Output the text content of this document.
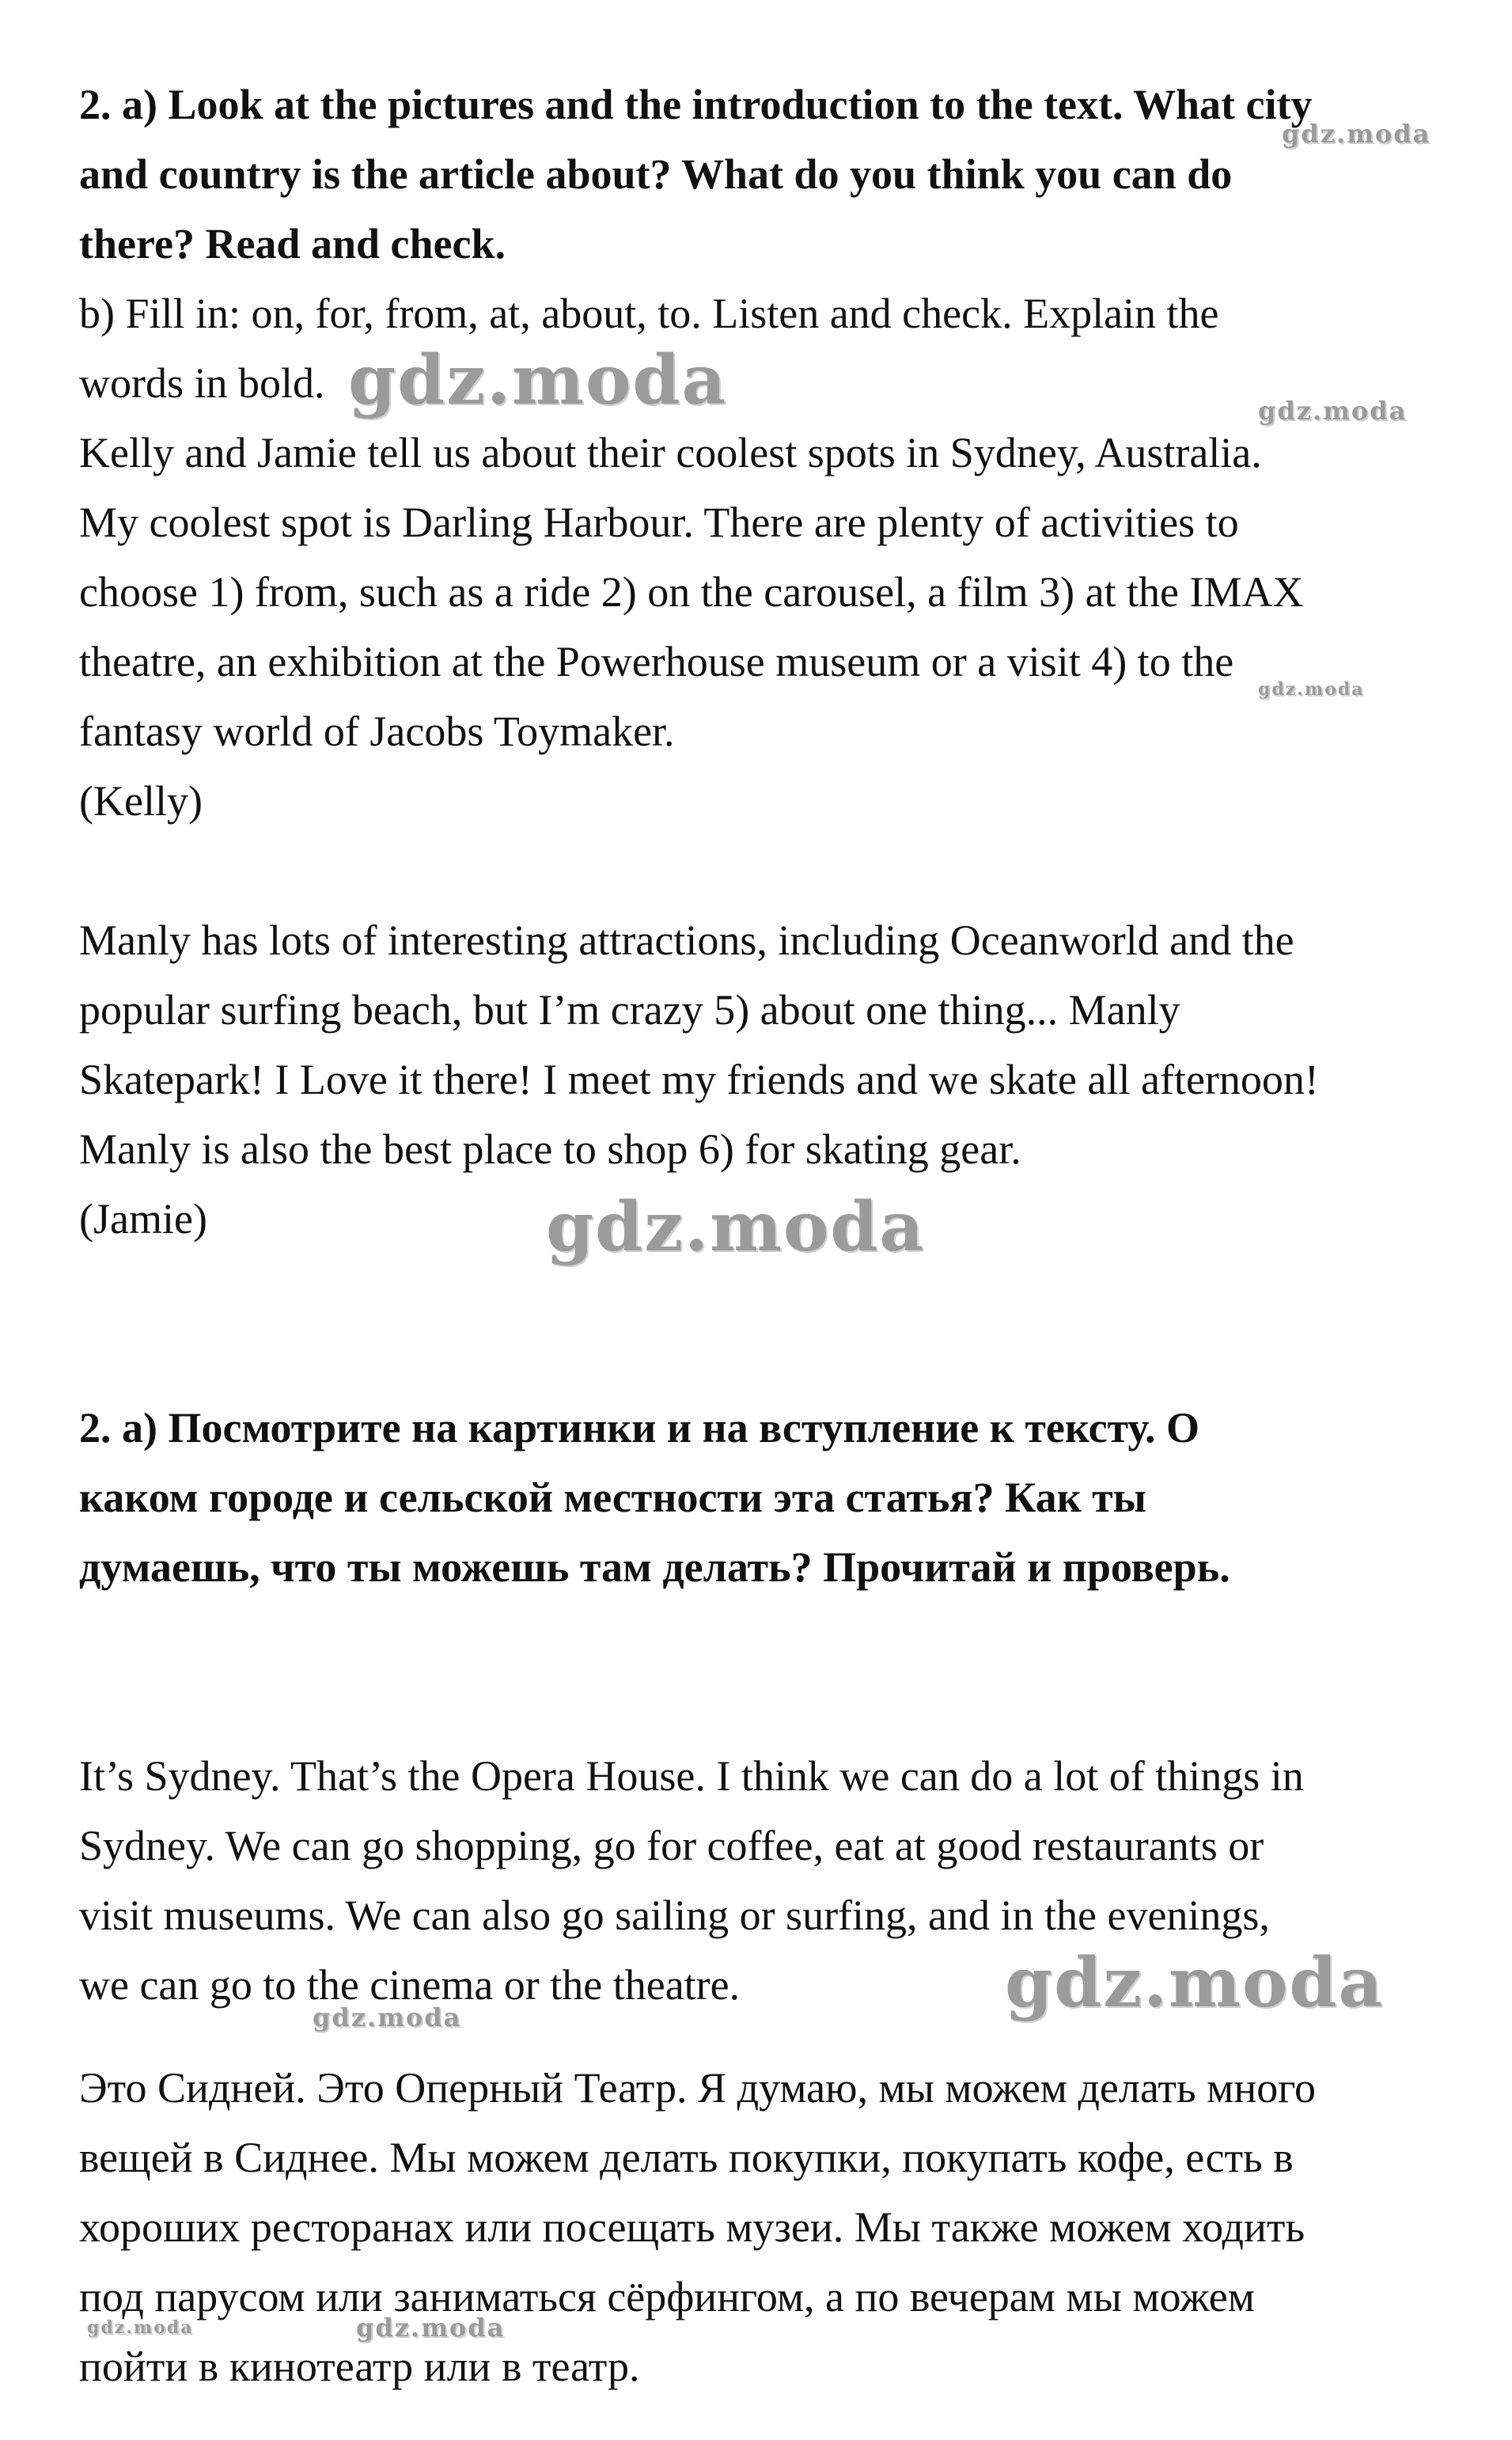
2. a) Look at the pictures and the introduction to the text. What city
and country is the article about? What do you think you can do
there? Read and check.
b) Fill in: on, for, from, at, about, to. Listen and check. Explain the
words in bold.
Kelly and Jamie tell us about their coolest spots in Sydney, Australia.
My coolest spot is Darling Harbour. There are plenty of activities to
choose 1) from, such as a ride 2) on the carousel, a film 3) at the IMAX
theatre, an exhibition at the Powerhouse museum or a visit 4) to the
fantasy world of Jacobs Toymaker.
(Kelly)
Manly has lots of interesting attractions, including Oceanworld and the
popular surfing beach, but I’m crazy 5) about one thing... Manly
Skatepark! I Love it there! I meet my friends and we skate all afternoon!
Manly is also the best place to shop 6) for skating gear.
(Jamie)
2. a) Посмотрите на картинки и на вступление к тексту. О
каком городе и сельской местности эта статья? Как ты
думаешь, что ты можешь там делать? Прочитай и проверь.
It’s Sydney. That’s the Opera House. I think we can do a lot of things in
Sydney. We can go shopping, go for coffee, eat at good restaurants or
visit museums. We can also go sailing or surfing, and in the evenings,
we can go to the cinema or the theatre.
Это Сидней. Это Оперный Театр. Я думаю, мы можем делать много
вещей в Сиднее. Мы можем делать покупки, покупать кофе, есть в
хороших ресторанах или посещать музеи. Мы также можем ходить
под парусом или заниматься сёрфингом, а по вечерам мы можем
пойти в кинотеатр или в театр.
gdz.moda
gdz.moda	gdz.moda
gdz.moda
gdz.moda
gdz.moda
gdz.moda
gdz.moda	gdz.moda
